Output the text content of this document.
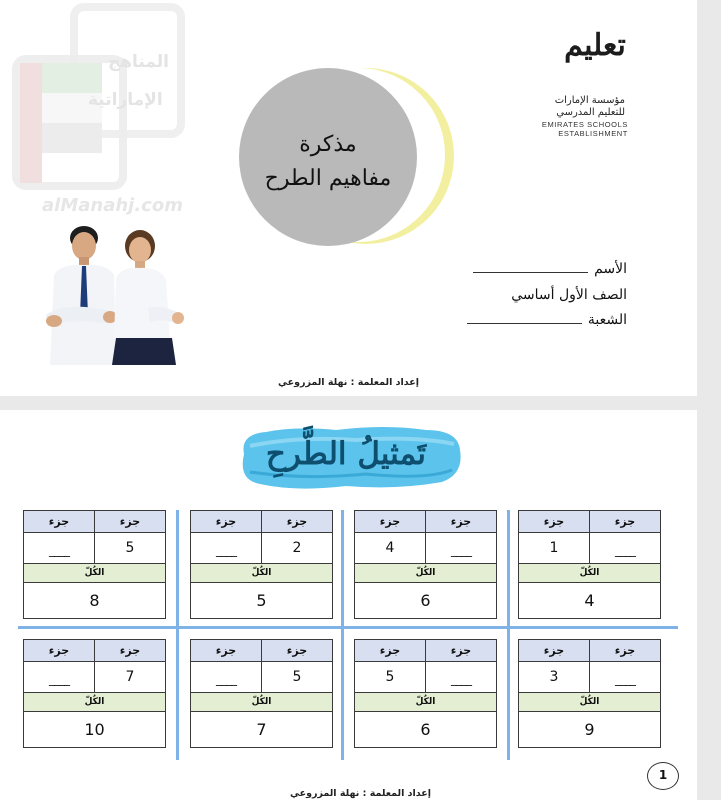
المناهج
الإماراتية
alManahj.com
مذكرة
مفاهيم الطرح
تعليم
مؤسسة الإمارات
للتعليم المدرسي
EMIRATES SCHOOLS
ESTABLISHMENT
الأسم
الصف الأول أساسي
الشعبة
إعداد المعلمة : نهلة المزروعي
تَمثيلُ الطَّرحِ
جزء	جزء
____	5
الكُلّ	
8	
جزء	جزء
____	2
الكُلّ	
5	
جزء	جزء
4	____
الكُلّ	
6	
جزء	جزء
1	____
الكُلّ	
4	
جزء	جزء
____	7
الكُلّ	
10	
جزء	جزء
____	5
الكُلّ	
7	
جزء	جزء
5	____
الكُلّ	
6	
جزء	جزء
3	____
الكُلّ	
9	
1
إعداد المعلمة : نهلة المزروعي
